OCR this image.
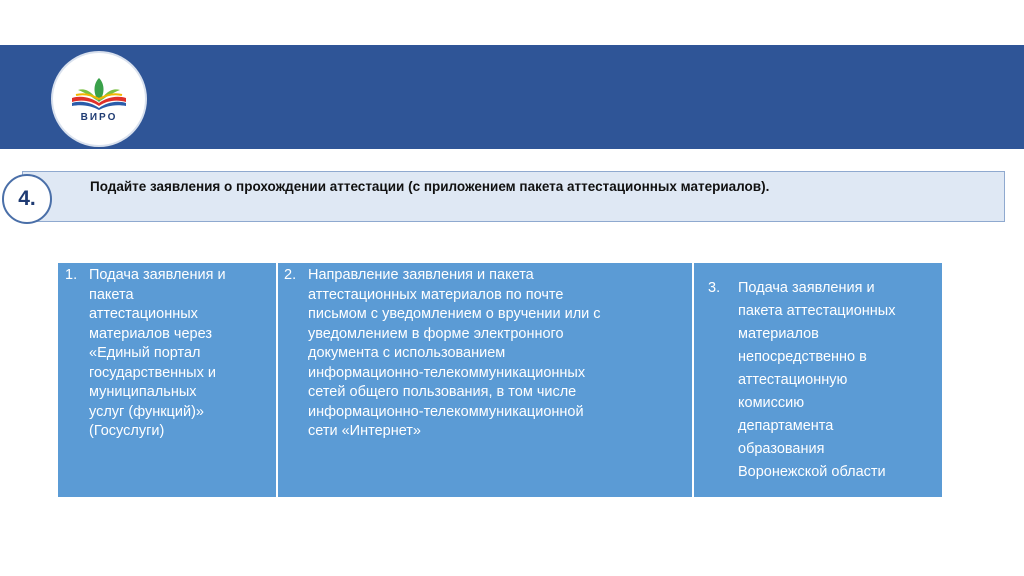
ВИРО
Подайте заявления о прохождении аттестации (с приложением пакета аттестационных материалов).
4.
1. Подача заявления и
пакета
аттестационных
материалов через
«Единый портал
государственных и
муниципальных
услуг (функций)»
(Госуслуги)
2. Направление заявления и пакета
аттестационных материалов по почте
письмом с уведомлением о вручении или с
уведомлением в форме электронного
документа с использованием
информационно-телекоммуникационных
сетей общего пользования, в том числе
информационно-телекоммуникационной
сети «Интернет»
3.	Подача заявления и
пакета аттестационных
материалов
непосредственно в
аттестационную
комиссию
департамента
образования
Воронежской области
